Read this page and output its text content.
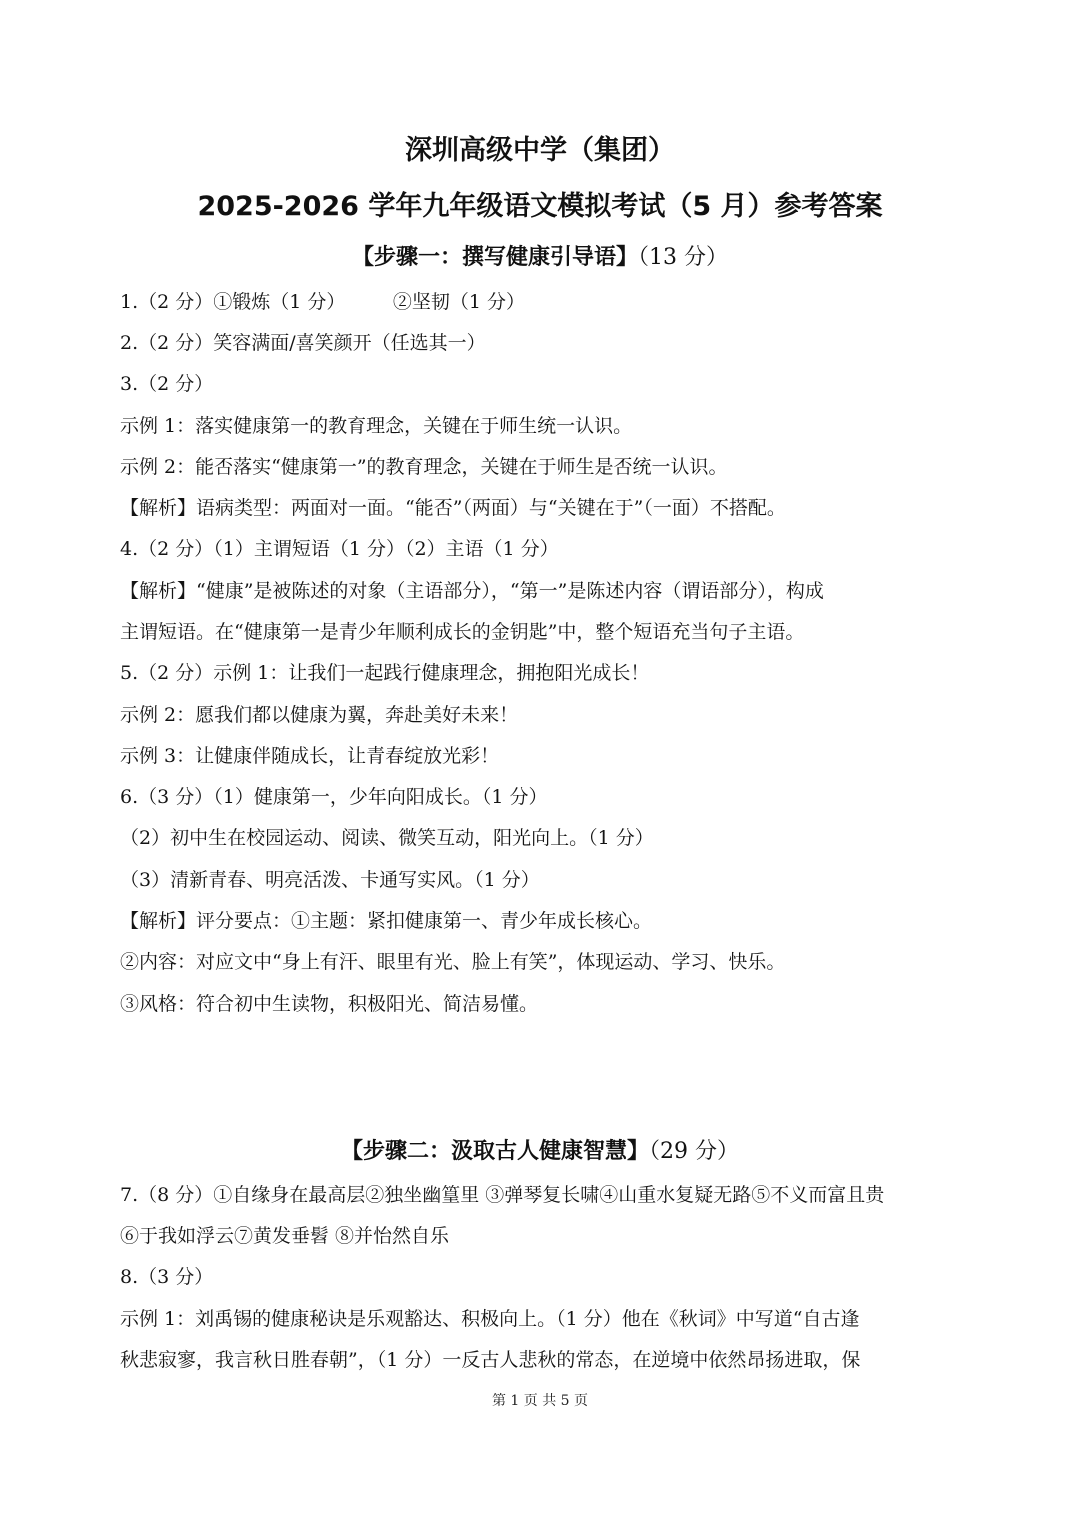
深圳高级中学（集团）
2025-2026 学年九年级语文模拟考试（5 月）参考答案
【步骤一：撰写健康引导语】（13 分）
1.（2 分）①锻炼（1 分）　　　②坚韧（1 分）
2.（2 分）笑容满面/喜笑颜开（任选其一）
3.（2 分）
示例 1：落实健康第一的教育理念，关键在于师生统一认识。
示例 2：能否落实“健康第一”的教育理念，关键在于师生是否统一认识。
【解析】语病类型：两面对一面。“能否”（两面）与“关键在于”（一面）不搭配。
4.（2 分）（1）主谓短语（1 分）（2）主语（1 分）
【解析】“健康”是被陈述的对象（主语部分），“第一”是陈述内容（谓语部分），构成
主谓短语。在“健康第一是青少年顺利成长的金钥匙”中，整个短语充当句子主语。
5.（2 分）示例 1：让我们一起践行健康理念，拥抱阳光成长！
示例 2：愿我们都以健康为翼，奔赴美好未来！
示例 3：让健康伴随成长，让青春绽放光彩！
6.（3 分）（1）健康第一，少年向阳成长。（1 分）
（2）初中生在校园运动、阅读、微笑互动，阳光向上。（1 分）
（3）清新青春、明亮活泼、卡通写实风。（1 分）
【解析】评分要点：①主题：紧扣健康第一、青少年成长核心。
②内容：对应文中“身上有汗、眼里有光、脸上有笑”，体现运动、学习、快乐。
③风格：符合初中生读物，积极阳光、简洁易懂。
【步骤二：汲取古人健康智慧】（29 分）
7.（8 分）①自缘身在最高层②独坐幽篁里 ③弹琴复长啸④山重水复疑无路⑤不义而富且贵
⑥于我如浮云⑦黄发垂髫 ⑧并怡然自乐
8.（3 分）
示例 1：刘禹锡的健康秘诀是乐观豁达、积极向上。（1 分）他在《秋词》中写道“自古逢
秋悲寂寥，我言秋日胜春朝”，（1 分）一反古人悲秋的常态，在逆境中依然昂扬进取，保
第 1 页 共 5 页
